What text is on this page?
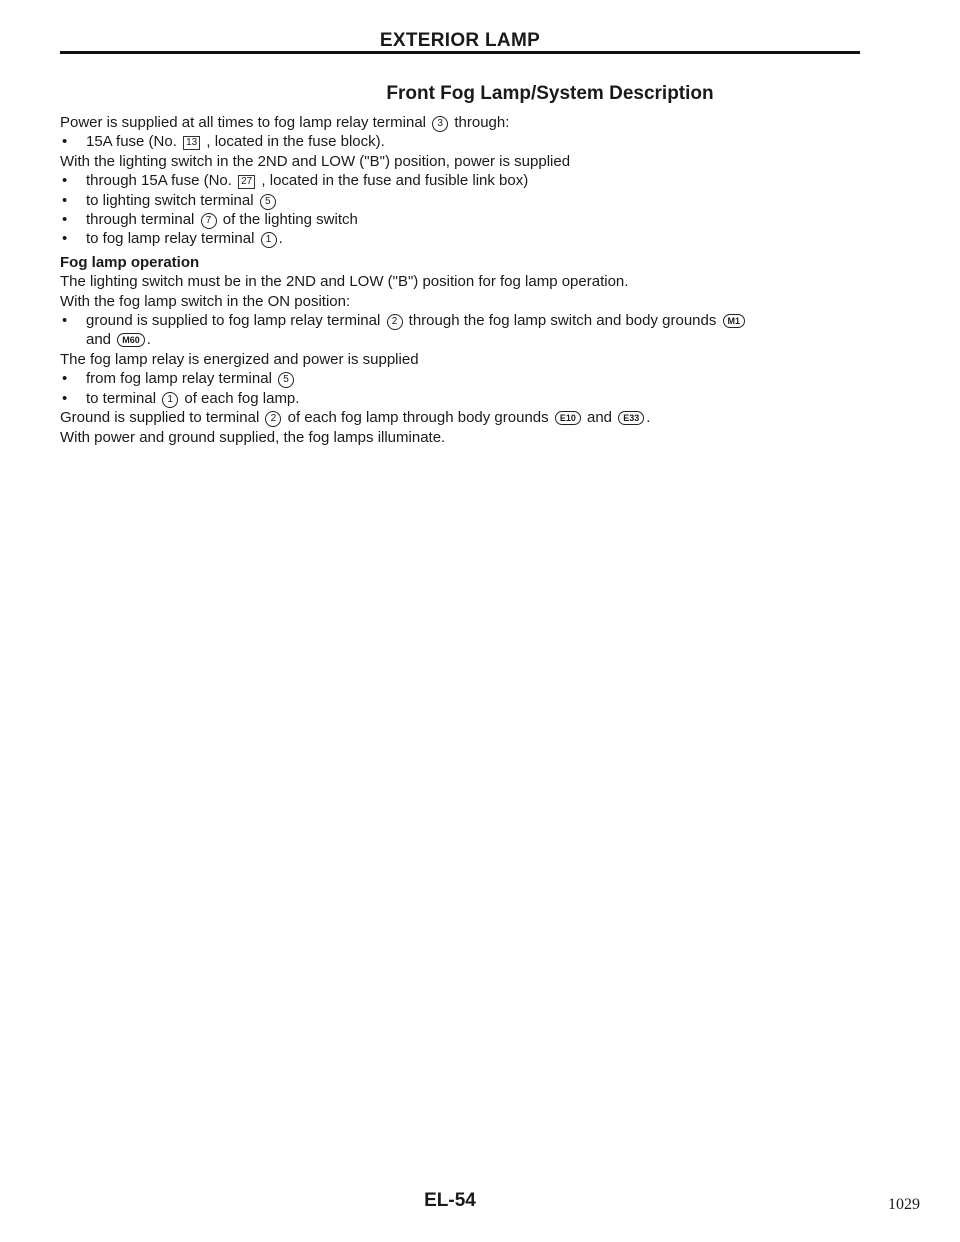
EXTERIOR LAMP
Front Fog Lamp/System Description
Power is supplied at all times to fog lamp relay terminal 3 through:
• 15A fuse (No. 13 , located in the fuse block).
With the lighting switch in the 2ND and LOW ("B") position, power is supplied
• through 15A fuse (No. 27 , located in the fuse and fusible link box)
• to lighting switch terminal 5
• through terminal 7 of the lighting switch
• to fog lamp relay terminal 1 .
Fog lamp operation
The lighting switch must be in the 2ND and LOW ("B") position for fog lamp operation.
With the fog lamp switch in the ON position:
• ground is supplied to fog lamp relay terminal 2 through the fog lamp switch and body grounds M1
and M60 .
The fog lamp relay is energized and power is supplied
• from fog lamp relay terminal 5
• to terminal 1 of each fog lamp.
Ground is supplied to terminal 2 of each fog lamp through body grounds E10 and E33 .
With power and ground supplied, the fog lamps illuminate.
EL-54	1029
